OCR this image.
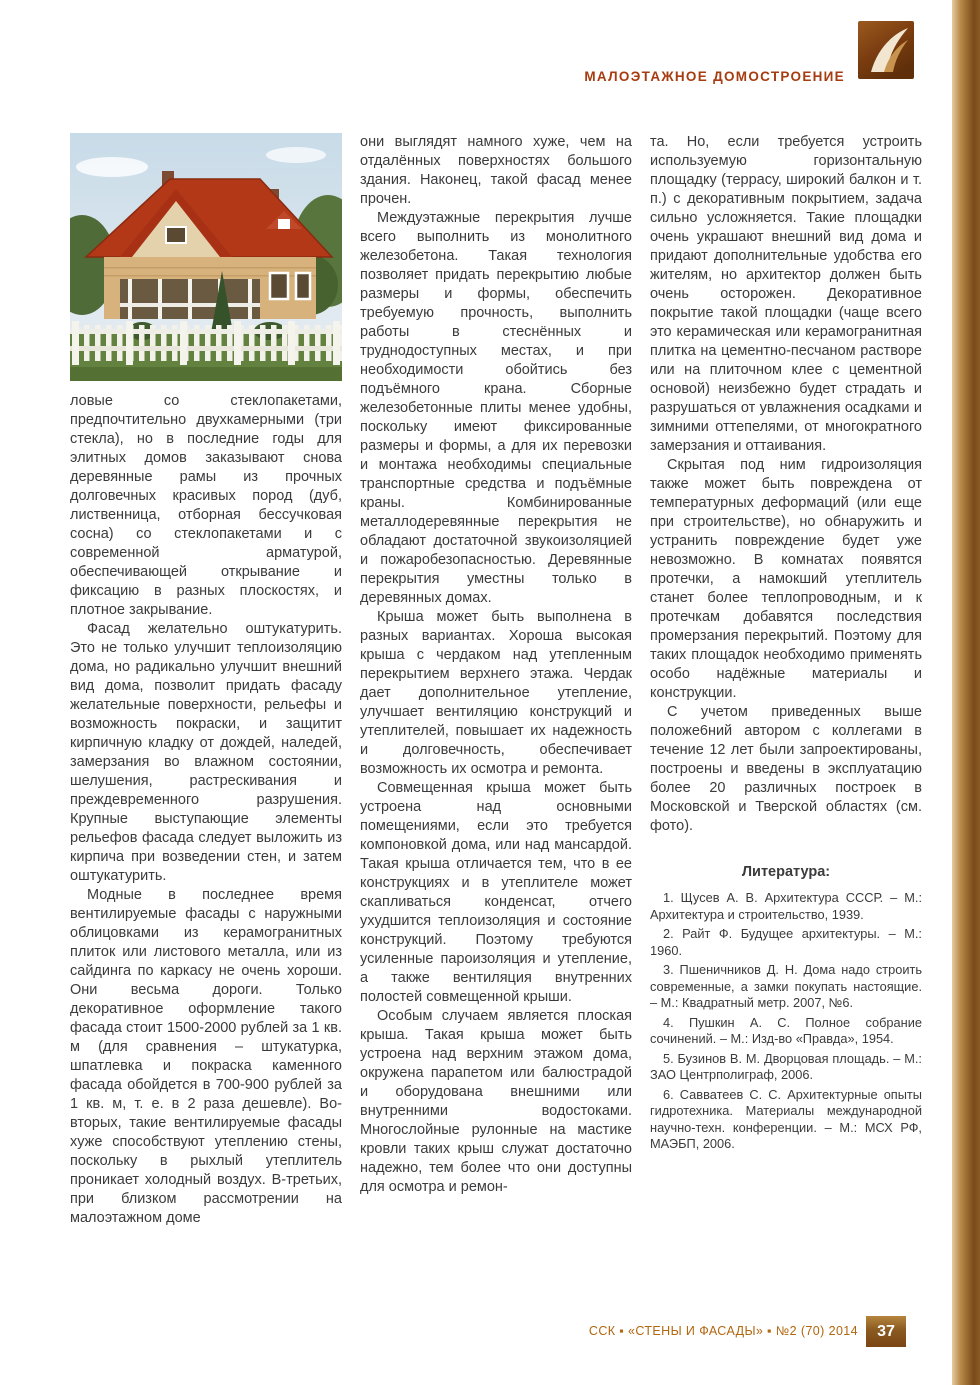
МАЛОЭТАЖНОЕ ДОМОСТРОЕНИЕ

ловые со стеклопакетами, предпочтительно двухкамерными (три стекла), но в последние годы для элитных домов заказывают снова деревянные рамы из прочных долговечных красивых пород (дуб, лиственница, отборная бессучковая сосна) со стеклопакетами и с современной арматурой, обеспечивающей открывание и фиксацию в разных плоскостях, и плотное закрывание.

Фасад желательно оштукатурить. Это не только улучшит теплоизоляцию дома, но радикально улучшит внешний вид дома, позволит придать фасаду желательные поверхности, рельефы и возможность покраски, и защитит кирпичную кладку от дождей, наледей, замерзания во влажном состоянии, шелушения, растрескивания и преждевременного разрушения. Крупные выступающие элементы рельефов фасада следует выложить из кирпича при возведении стен, и затем оштукатурить.

Модные в последнее время вентилируемые фасады с наружными облицовками из керамогранитных плиток или листового металла, или из сайдинга по каркасу не очень хороши. Они весьма дороги. Только декоративное оформление такого фасада стоит 1500-2000 рублей за 1 кв. м (для сравнения – штукатурка, шпатлевка и покраска каменного фасада обойдется в 700-900 рублей за 1 кв. м, т. е. в 2 раза дешевле). Во-вторых, такие вентилируемые фасады хуже способствуют утеплению стены, поскольку в рыхлый утеплитель проникает холодный воздух. В-третьих, при близком рассмотрении на малоэтажном доме

они выглядят намного хуже, чем на отдалённых поверхностях большого здания. Наконец, такой фасад менее прочен.

Междуэтажные перекрытия лучше всего выполнить из монолитного железобетона. Такая технология позволяет придать перекрытию любые размеры и формы, обеспечить требуемую прочность, выполнить работы в стеснённых и труднодоступных местах, и при необходимости обойтись без подъёмного крана. Сборные железобетонные плиты менее удобны, поскольку имеют фиксированные размеры и формы, а для их перевозки и монтажа необходимы специальные транспортные средства и подъёмные краны. Комбинированные металлодеревянные перекрытия не обладают достаточной звукоизоляцией и пожаробезопасностью. Деревянные перекрытия уместны только в деревянных домах.

Крыша может быть выполнена в разных вариантах. Хороша высокая крыша с чердаком над утепленным перекрытием верхнего этажа. Чердак дает дополнительное утепление, улучшает вентиляцию конструкций и утеплителей, повышает их надежность и долговечность, обеспечивает возможность их осмотра и ремонта.

Совмещенная крыша может быть устроена над основными помещениями, если это требуется компоновкой дома, или над мансардой. Такая крыша отличается тем, что в ее конструкциях и в утеплителе может скапливаться конденсат, отчего ухудшится теплоизоляция и состояние конструкций. Поэтому требуются усиленные пароизоляция и утепление, а также вентиляция внутренних полостей совмещенной крыши.

Особым случаем является плоская крыша. Такая крыша может быть устроена над верхним этажом дома, окружена парапетом или балюстрадой и оборудована внешними или внутренними водостоками. Многослойные рулонные на мастике кровли таких крыш служат достаточно надежно, тем более что они доступны для осмотра и ремон-

та. Но, если требуется устроить используемую горизонтальную площадку (террасу, широкий балкон и т. п.) с декоративным покрытием, задача сильно усложняется. Такие площадки очень украшают внешний вид дома и придают дополнительные удобства его жителям, но архитектор должен быть очень осторожен. Декоративное покрытие такой площадки (чаще всего это керамическая или керамогранитная плитка на цементно-песчаном растворе или на плиточном клее с цементной основой) неизбежно будет страдать и разрушаться от увлажнения осадками и зимними оттепелями, от многократного замерзания и оттаивания.

Скрытая под ним гидроизоляция также может быть повреждена от температурных деформаций (или еще при строительстве), но обнаружить и устранить повреждение будет уже невозможно. В комнатах появятся протечки, а намокший утеплитель станет более теплопроводным, и к протечкам добавятся последствия промерзания перекрытий. Поэтому для таких площадок необходимо применять особо надёжные материалы и конструкции.

С учетом приведенных выше положе6ний автором с коллегами в течение 12 лет были запроектированы, построены и введены в эксплуатацию более 20 различных построек в Московской и Тверской областях (см. фото).

Литература:

1. Щусев А. В. Архитектура СССР. – М.: Архитектура и строительство, 1939.

2. Райт Ф. Будущее архитектуры. – М.: 1960.

3. Пшеничников Д. Н. Дома надо строить современные, а замки покупать настоящие. – М.: Квадратный метр. 2007, №6.

4. Пушкин А. С. Полное собрание сочинений. – М.: Изд-во «Правда», 1954.

5. Бузинов В. М. Дворцовая площадь. – М.: ЗАО Центрполиграф, 2006.

6. Савватеев С. С. Архитектурные опыты гидротехника. Материалы международной научно-техн. конференции. – М.: МСХ РФ, МАЭБП, 2006.

ССК ▪ «СТЕНЫ И ФАСАДЫ» ▪ №2 (70) 2014	37
